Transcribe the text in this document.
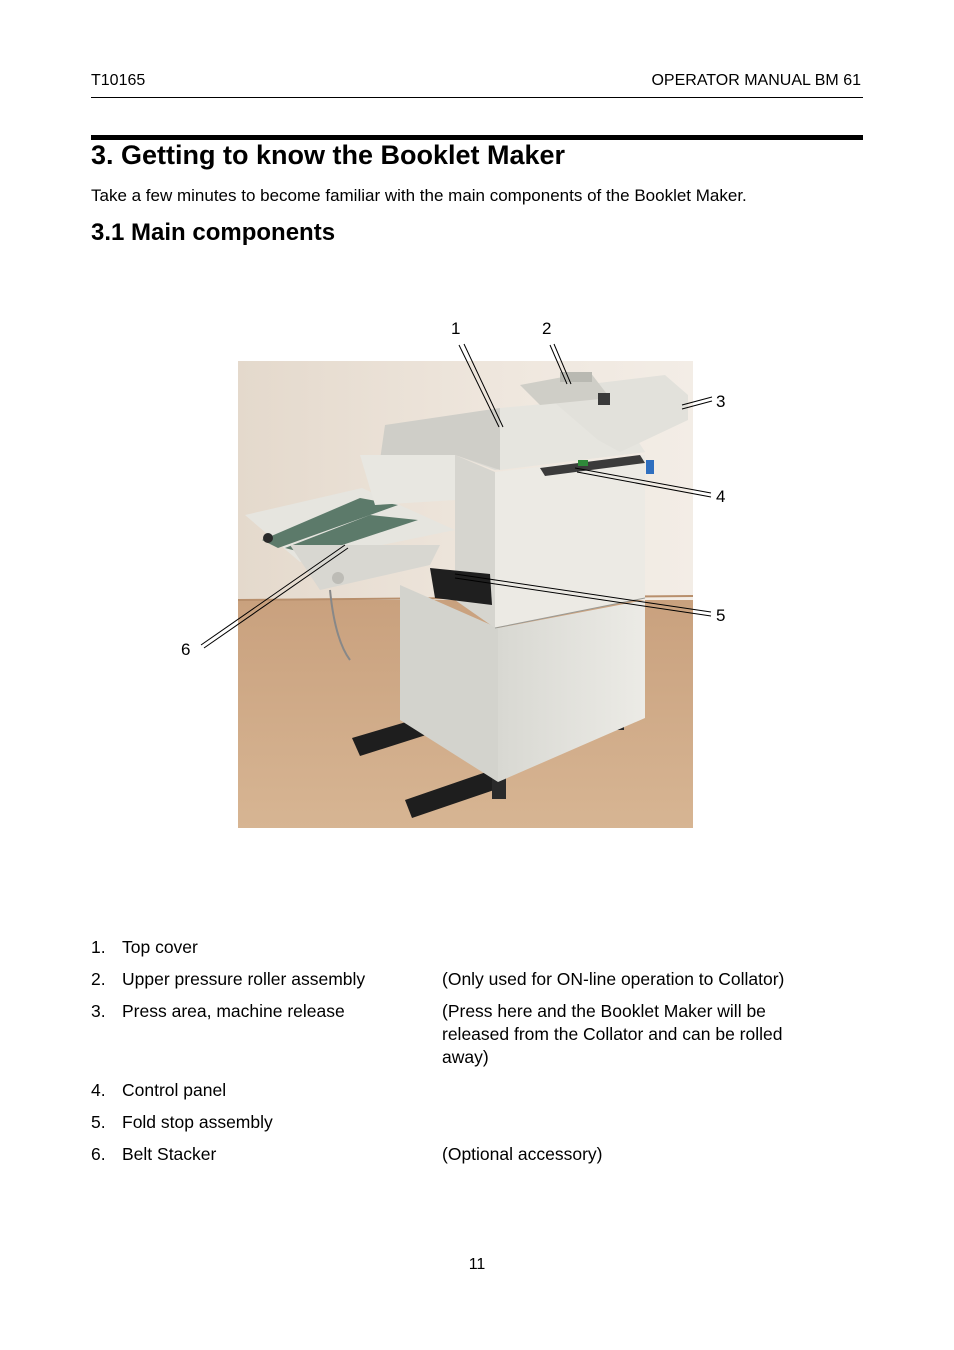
T10165	OPERATOR MANUAL BM 61
3. Getting to know the Booklet Maker
Take a few minutes to become familiar with the main components of the Booklet Maker.
3.1 Main components
1	2
3
4
5
6
1. Top cover
2. Upper pressure roller assembly	(Only used for ON-line operation to Collator)
3. Press area, machine release	(Press here and the Booklet Maker will be released from the Collator and can be rolled away)
4. Control panel
5. Fold stop assembly
6. Belt Stacker	(Optional accessory)
11
